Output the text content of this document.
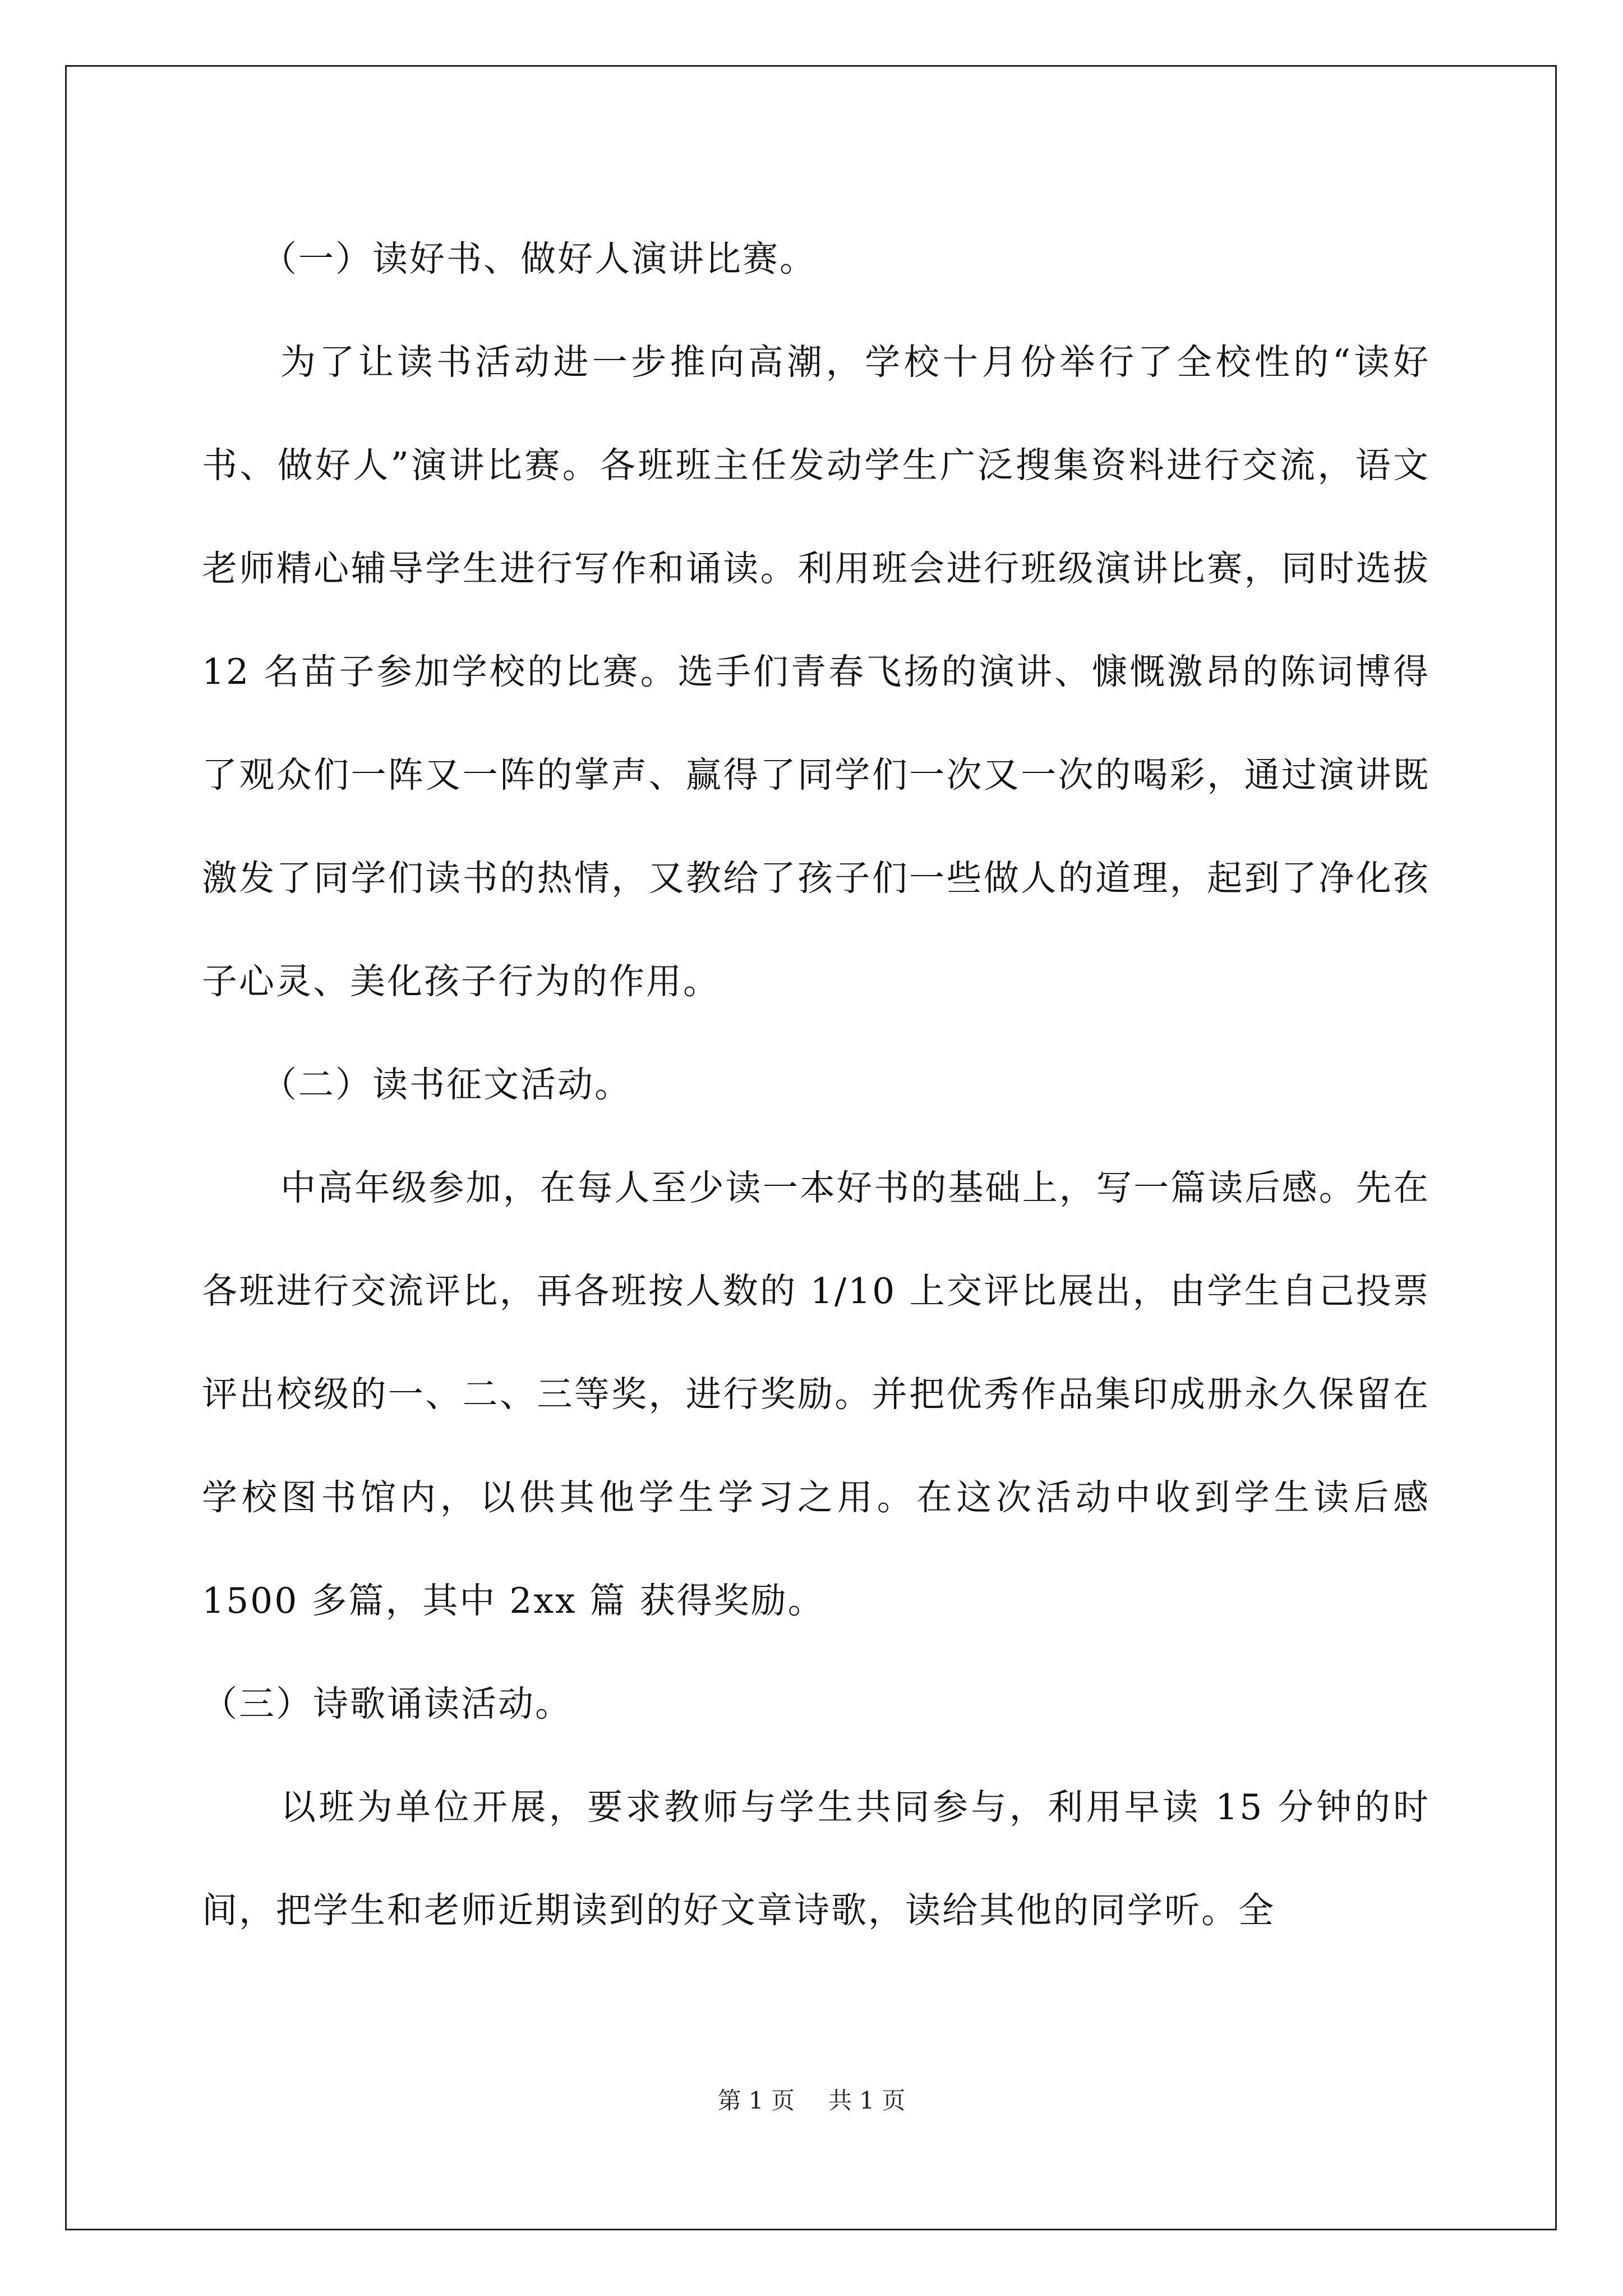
（一）读好书、做好人演讲比赛。

为了让读书活动进一步推向高潮，学校十月份举行了全校性的“读好书、做好人”演讲比赛。各班班主任发动学生广泛搜集资料进行交流，语文老师精心辅导学生进行写作和诵读。利用班会进行班级演讲比赛，同时选拔 12 名苗子参加学校的比赛。选手们青春飞扬的演讲、慷慨激昂的陈词博得了观众们一阵又一阵的掌声、赢得了同学们一次又一次的喝彩，通过演讲既激发了同学们读书的热情，又教给了孩子们一些做人的道理，起到了净化孩子心灵、美化孩子行为的作用。

（二）读书征文活动。

中高年级参加，在每人至少读一本好书的基础上，写一篇读后感。先在各班进行交流评比，再各班按人数的 1/10 上交评比展出，由学生自己投票评出校级的一、二、三等奖，进行奖励。并把优秀作品集印成册永久保留在学校图书馆内，以供其他学生学习之用。在这次活动中收到学生读后感 1500 多篇，其中 2xx 篇 获得奖励。

（三）诗歌诵读活动。

以班为单位开展，要求教师与学生共同参与，利用早读 15 分钟的时间，把学生和老师近期读到的好文章诗歌，读给其他的同学听。全

第 1 页 共 1 页
